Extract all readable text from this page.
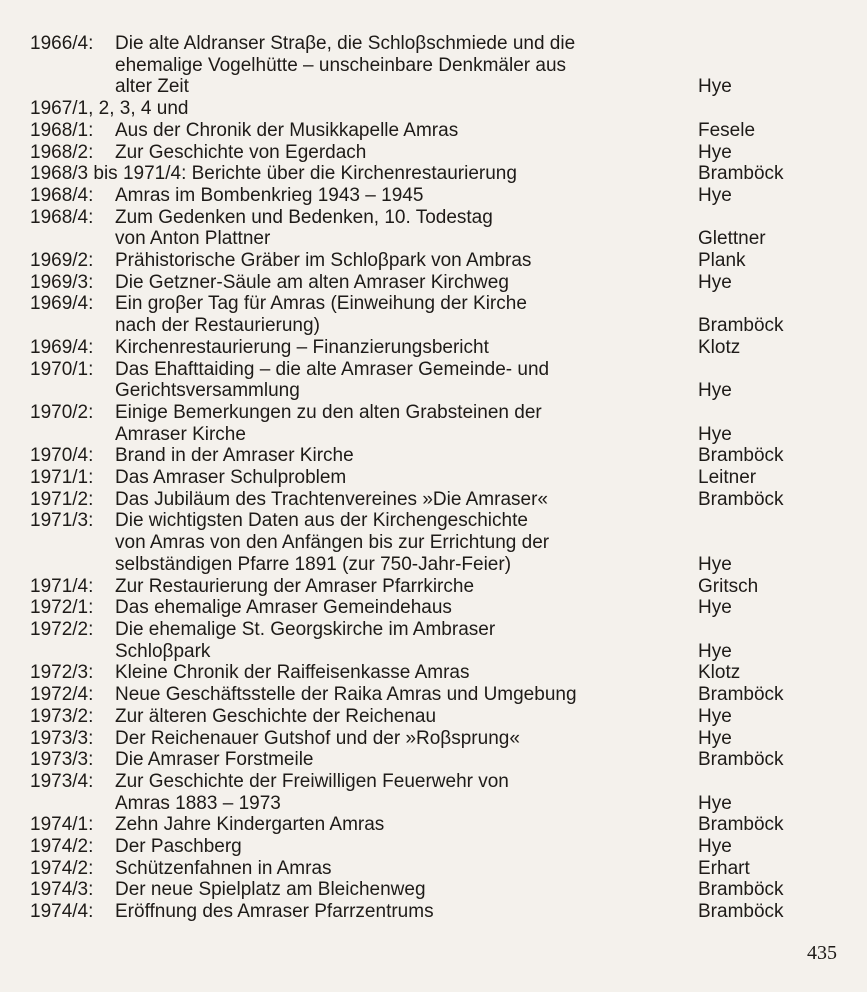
1966/4:	Die alte Aldranser Straβe, die Schloβschmiede und die
ehemalige Vogelhütte – unscheinbare Denkmäler aus
alter Zeit	Hye
1967/1, 2, 3, 4 und
1968/1:	Aus der Chronik der Musikkapelle Amras	Fesele
1968/2:	Zur Geschichte von Egerdach	Hye
1968/3 bis 1971/4: Berichte über die Kirchenrestaurierung	Bramböck
1968/4:	Amras im Bombenkrieg 1943 – 1945	Hye
1968/4:	Zum Gedenken und Bedenken, 10. Todestag
von Anton Plattner	Glettner
1969/2:	Prähistorische Gräber im Schloβpark von Ambras	Plank
1969/3:	Die Getzner-Säule am alten Amraser Kirchweg	Hye
1969/4:	Ein groβer Tag für Amras (Einweihung der Kirche
nach der Restaurierung)	Bramböck
1969/4:	Kirchenrestaurierung – Finanzierungsbericht	Klotz
1970/1:	Das Ehafttaiding – die alte Amraser Gemeinde- und
Gerichtsversammlung	Hye
1970/2:	Einige Bemerkungen zu den alten Grabsteinen der
Amraser Kirche	Hye
1970/4:	Brand in der Amraser Kirche	Bramböck
1971/1:	Das Amraser Schulproblem	Leitner
1971/2:	Das Jubiläum des Trachtenvereines »Die Amraser«	Bramböck
1971/3:	Die wichtigsten Daten aus der Kirchengeschichte
von Amras von den Anfängen bis zur Errichtung der
selbständigen Pfarre 1891 (zur 750-Jahr-Feier)	Hye
1971/4:	Zur Restaurierung der Amraser Pfarrkirche	Gritsch
1972/1:	Das ehemalige Amraser Gemeindehaus	Hye
1972/2:	Die ehemalige St. Georgskirche im Ambraser
Schloβpark	Hye
1972/3:	Kleine Chronik der Raiffeisenkasse Amras	Klotz
1972/4:	Neue Geschäftsstelle der Raika Amras und Umgebung	Bramböck
1973/2:	Zur älteren Geschichte der Reichenau	Hye
1973/3:	Der Reichenauer Gutshof und der »Roβsprung«	Hye
1973/3:	Die Amraser Forstmeile	Bramböck
1973/4:	Zur Geschichte der Freiwilligen Feuerwehr von
Amras 1883 – 1973	Hye
1974/1:	Zehn Jahre Kindergarten Amras	Bramböck
1974/2:	Der Paschberg	Hye
1974/2:	Schützenfahnen in Amras	Erhart
1974/3:	Der neue Spielplatz am Bleichenweg	Bramböck
1974/4:	Eröffnung des Amraser Pfarrzentrums	Bramböck
435
